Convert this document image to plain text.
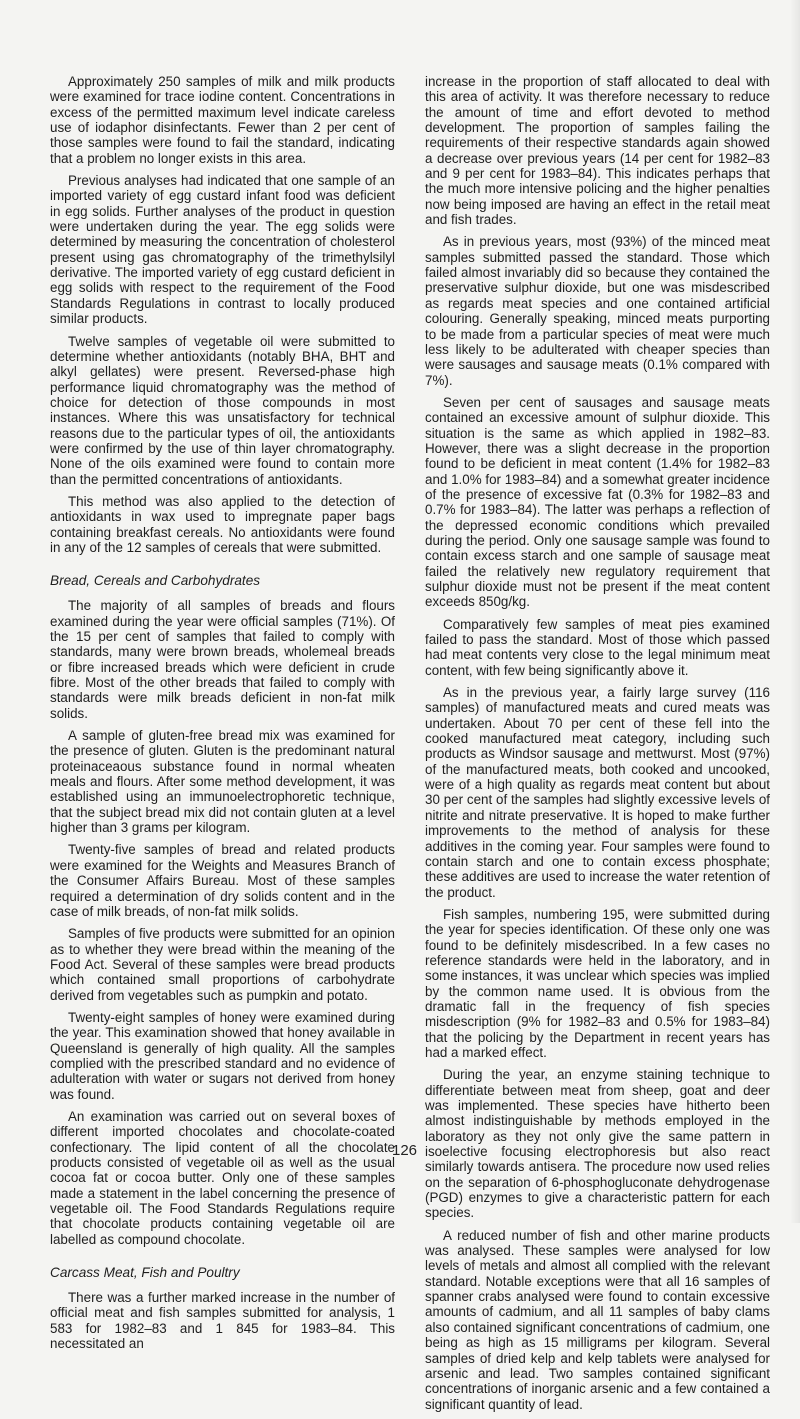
Approximately 250 samples of milk and milk products were examined for trace iodine content. Concentrations in excess of the permitted maximum level indicate careless use of iodaphor disinfectants. Fewer than 2 per cent of those samples were found to fail the standard, indicating that a problem no longer exists in this area.

Previous analyses had indicated that one sample of an imported variety of egg custard infant food was deficient in egg solids. Further analyses of the product in question were undertaken during the year. The egg solids were determined by measuring the concentration of cholesterol present using gas chromatography of the trimethylsilyl derivative. The imported variety of egg custard deficient in egg solids with respect to the requirement of the Food Standards Regulations in contrast to locally produced similar products.

Twelve samples of vegetable oil were submitted to determine whether antioxidants (notably BHA, BHT and alkyl gellates) were present. Reversed-phase high performance liquid chromatography was the method of choice for detection of those compounds in most instances. Where this was unsatisfactory for technical reasons due to the particular types of oil, the antioxidants were confirmed by the use of thin layer chromatography. None of the oils examined were found to contain more than the permitted concentrations of antioxidants.

This method was also applied to the detection of antioxidants in wax used to impregnate paper bags containing breakfast cereals. No antioxidants were found in any of the 12 samples of cereals that were submitted.

Bread, Cereals and Carbohydrates

The majority of all samples of breads and flours examined during the year were official samples (71%). Of the 15 per cent of samples that failed to comply with standards, many were brown breads, wholemeal breads or fibre increased breads which were deficient in crude fibre. Most of the other breads that failed to comply with standards were milk breads deficient in non-fat milk solids.

A sample of gluten-free bread mix was examined for the presence of gluten. Gluten is the predominant natural proteinaceaous substance found in normal wheaten meals and flours. After some method development, it was established using an immunoelectrophoretic technique, that the subject bread mix did not contain gluten at a level higher than 3 grams per kilogram.

Twenty-five samples of bread and related products were examined for the Weights and Measures Branch of the Consumer Affairs Bureau. Most of these samples required a determination of dry solids content and in the case of milk breads, of non-fat milk solids.

Samples of five products were submitted for an opinion as to whether they were bread within the meaning of the Food Act. Several of these samples were bread products which contained small proportions of carbohydrate derived from vegetables such as pumpkin and potato.

Twenty-eight samples of honey were examined during the year. This examination showed that honey available in Queensland is generally of high quality. All the samples complied with the prescribed standard and no evidence of adulteration with water or sugars not derived from honey was found.

An examination was carried out on several boxes of different imported chocolates and chocolate-coated confectionary. The lipid content of all the chocolate products consisted of vegetable oil as well as the usual cocoa fat or cocoa butter. Only one of these samples made a statement in the label concerning the presence of vegetable oil. The Food Standards Regulations require that chocolate products containing vegetable oil are labelled as compound chocolate.

Carcass Meat, Fish and Poultry

There was a further marked increase in the number of official meat and fish samples submitted for analysis, 1 583 for 1982–83 and 1 845 for 1983–84. This necessitated an

increase in the proportion of staff allocated to deal with this area of activity. It was therefore necessary to reduce the amount of time and effort devoted to method development. The proportion of samples failing the requirements of their respective standards again showed a decrease over previous years (14 per cent for 1982–83 and 9 per cent for 1983–84). This indicates perhaps that the much more intensive policing and the higher penalties now being imposed are having an effect in the retail meat and fish trades.

As in previous years, most (93%) of the minced meat samples submitted passed the standard. Those which failed almost invariably did so because they contained the preservative sulphur dioxide, but one was misdescribed as regards meat species and one contained artificial colouring. Generally speaking, minced meats purporting to be made from a particular species of meat were much less likely to be adulterated with cheaper species than were sausages and sausage meats (0.1% compared with 7%).

Seven per cent of sausages and sausage meats contained an excessive amount of sulphur dioxide. This situation is the same as which applied in 1982–83. However, there was a slight decrease in the proportion found to be deficient in meat content (1.4% for 1982–83 and 1.0% for 1983–84) and a somewhat greater incidence of the presence of excessive fat (0.3% for 1982–83 and 0.7% for 1983–84). The latter was perhaps a reflection of the depressed economic conditions which prevailed during the period. Only one sausage sample was found to contain excess starch and one sample of sausage meat failed the relatively new regulatory requirement that sulphur dioxide must not be present if the meat content exceeds 850g/kg.

Comparatively few samples of meat pies examined failed to pass the standard. Most of those which passed had meat contents very close to the legal minimum meat content, with few being significantly above it.

As in the previous year, a fairly large survey (116 samples) of manufactured meats and cured meats was undertaken. About 70 per cent of these fell into the cooked manufactured meat category, including such products as Windsor sausage and mettwurst. Most (97%) of the manufactured meats, both cooked and uncooked, were of a high quality as regards meat content but about 30 per cent of the samples had slightly excessive levels of nitrite and nitrate preservative. It is hoped to make further improvements to the method of analysis for these additives in the coming year. Four samples were found to contain starch and one to contain excess phosphate; these additives are used to increase the water retention of the product.

Fish samples, numbering 195, were submitted during the year for species identification. Of these only one was found to be definitely misdescribed. In a few cases no reference standards were held in the laboratory, and in some instances, it was unclear which species was implied by the common name used. It is obvious from the dramatic fall in the frequency of fish species misdescription (9% for 1982–83 and 0.5% for 1983–84) that the policing by the Department in recent years has had a marked effect.

During the year, an enzyme staining technique to differentiate between meat from sheep, goat and deer was implemented. These species have hitherto been almost indistinguishable by methods employed in the laboratory as they not only give the same pattern in isoelective focusing electrophoresis but also react similarly towards antisera. The procedure now used relies on the separation of 6-phosphogluconate dehydrogenase (PGD) enzymes to give a characteristic pattern for each species.

A reduced number of fish and other marine products was analysed. These samples were analysed for low levels of metals and almost all complied with the relevant standard. Notable exceptions were that all 16 samples of spanner crabs analysed were found to contain excessive amounts of cadmium, and all 11 samples of baby clams also contained significant concentrations of cadmium, one being as high as 15 milligrams per kilogram. Several samples of dried kelp and kelp tablets were analysed for arsenic and lead. Two samples contained significant concentrations of inorganic arsenic and a few contained a significant quantity of lead.

126
